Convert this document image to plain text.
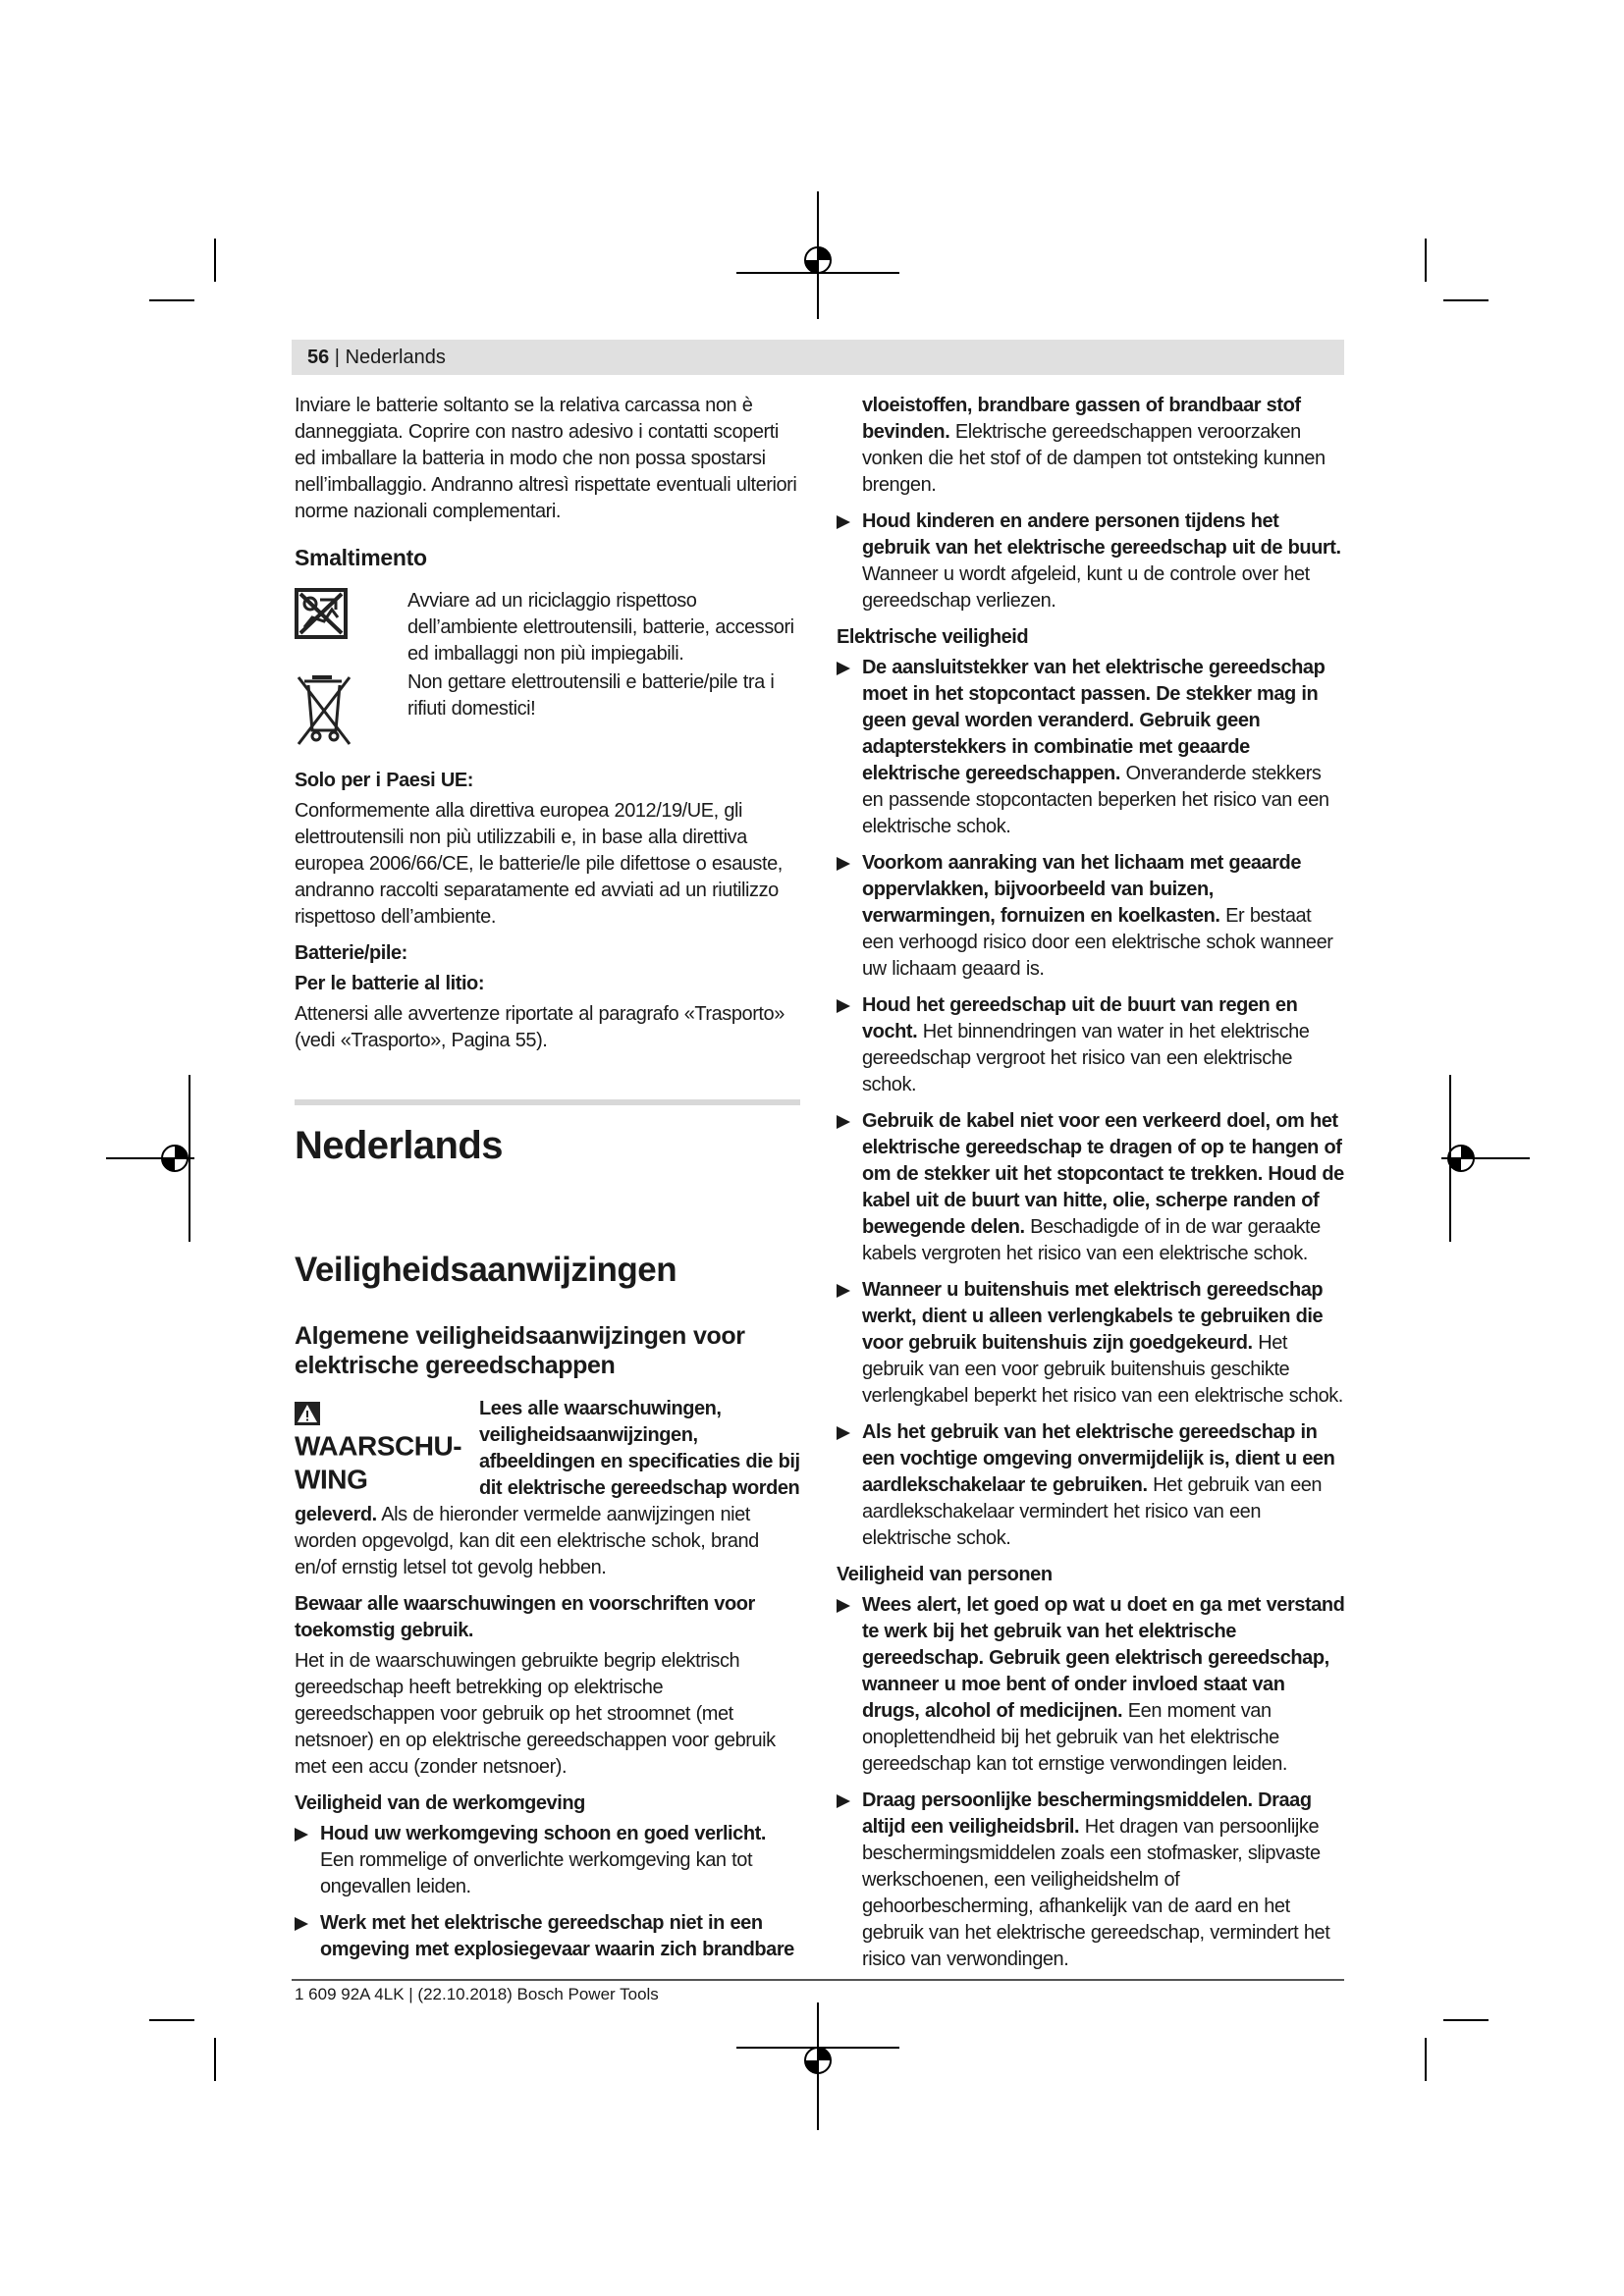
56 | Nederlands

Inviare le batterie soltanto se la relativa carcassa non è danneggiata. Coprire con nastro adesivo i contatti scoperti ed imballare la batteria in modo che non possa spostarsi nell’imballaggio. Andranno altresì rispettate eventuali ulteriori norme nazionali complementari.

Smaltimento
Avviare ad un riciclaggio rispettoso dell’ambiente elettroutensili, batterie, accessori ed imballaggi non più impiegabili.
Non gettare elettroutensili e batterie/pile tra i rifiuti domestici!
Solo per i Paesi UE:

Conformemente alla direttiva europea 2012/19/UE, gli elettroutensili non più utilizzabili e, in base alla direttiva europea 2006/66/CE, le batterie/le pile difettose o esauste, andranno raccolti separatamente ed avviati ad un riutilizzo rispettoso dell’ambiente.

Batterie/pile:
Per le batterie al litio:

Attenersi alle avvertenze riportate al paragrafo «Trasporto» (vedi «Trasporto», Pagina 55).

Nederlands
Veiligheidsaanwijzingen
Algemene veiligheidsaanwijzingen voor elektrische gereedschappen
WAARSCHU-WING

Lees alle waarschuwingen, veiligheidsaanwijzingen, afbeeldingen en specificaties die bij dit elektrische gereedschap worden geleverd. Als de hieronder vermelde aanwijzingen niet worden opgevolgd, kan dit een elektrische schok, brand en/of ernstig letsel tot gevolg hebben.

Bewaar alle waarschuwingen en voorschriften voor toekomstig gebruik.

Het in de waarschuwingen gebruikte begrip elektrisch gereedschap heeft betrekking op elektrische gereedschappen voor gebruik op het stroomnet (met netsnoer) en op elektrische gereedschappen voor gebruik met een accu (zonder netsnoer).

Veiligheid van de werkomgeving
Houd uw werkomgeving schoon en goed verlicht. Een rommelige of onverlichte werkomgeving kan tot ongevallen leiden.
Werk met het elektrische gereedschap niet in een omgeving met explosiegevaar waarin zich brandbare

vloeistoffen, brandbare gassen of brandbaar stof bevinden. Elektrische gereedschappen veroorzaken vonken die het stof of de dampen tot ontsteking kunnen brengen.

Houd kinderen en andere personen tijdens het gebruik van het elektrische gereedschap uit de buurt. Wanneer u wordt afgeleid, kunt u de controle over het gereedschap verliezen.
Elektrische veiligheid
De aansluitstekker van het elektrische gereedschap moet in het stopcontact passen. De stekker mag in geen geval worden veranderd. Gebruik geen adapterstekkers in combinatie met geaarde elektrische gereedschappen. Onveranderde stekkers en passende stopcontacten beperken het risico van een elektrische schok.
Voorkom aanraking van het lichaam met geaarde oppervlakken, bijvoorbeeld van buizen, verwarmingen, fornuizen en koelkasten. Er bestaat een verhoogd risico door een elektrische schok wanneer uw lichaam geaard is.
Houd het gereedschap uit de buurt van regen en vocht. Het binnendringen van water in het elektrische gereedschap vergroot het risico van een elektrische schok.
Gebruik de kabel niet voor een verkeerd doel, om het elektrische gereedschap te dragen of op te hangen of om de stekker uit het stopcontact te trekken. Houd de kabel uit de buurt van hitte, olie, scherpe randen of bewegende delen. Beschadigde of in de war geraakte kabels vergroten het risico van een elektrische schok.
Wanneer u buitenshuis met elektrisch gereedschap werkt, dient u alleen verlengkabels te gebruiken die voor gebruik buitenshuis zijn goedgekeurd. Het gebruik van een voor gebruik buitenshuis geschikte verlengkabel beperkt het risico van een elektrische schok.
Als het gebruik van het elektrische gereedschap in een vochtige omgeving onvermijdelijk is, dient u een aardlekschakelaar te gebruiken. Het gebruik van een aardlekschakelaar vermindert het risico van een elektrische schok.
Veiligheid van personen
Wees alert, let goed op wat u doet en ga met verstand te werk bij het gebruik van het elektrische gereedschap. Gebruik geen elektrisch gereedschap, wanneer u moe bent of onder invloed staat van drugs, alcohol of medicijnen. Een moment van onoplettendheid bij het gebruik van het elektrische gereedschap kan tot ernstige verwondingen leiden.
Draag persoonlijke beschermingsmiddelen. Draag altijd een veiligheidsbril. Het dragen van persoonlijke beschermingsmiddelen zoals een stofmasker, slipvaste werkschoenen, een veiligheidshelm of gehoorbescherming, afhankelijk van de aard en het gebruik van het elektrische gereedschap, vermindert het risico van verwondingen.
1 609 92A 4LK | (22.10.2018) Bosch Power Tools
